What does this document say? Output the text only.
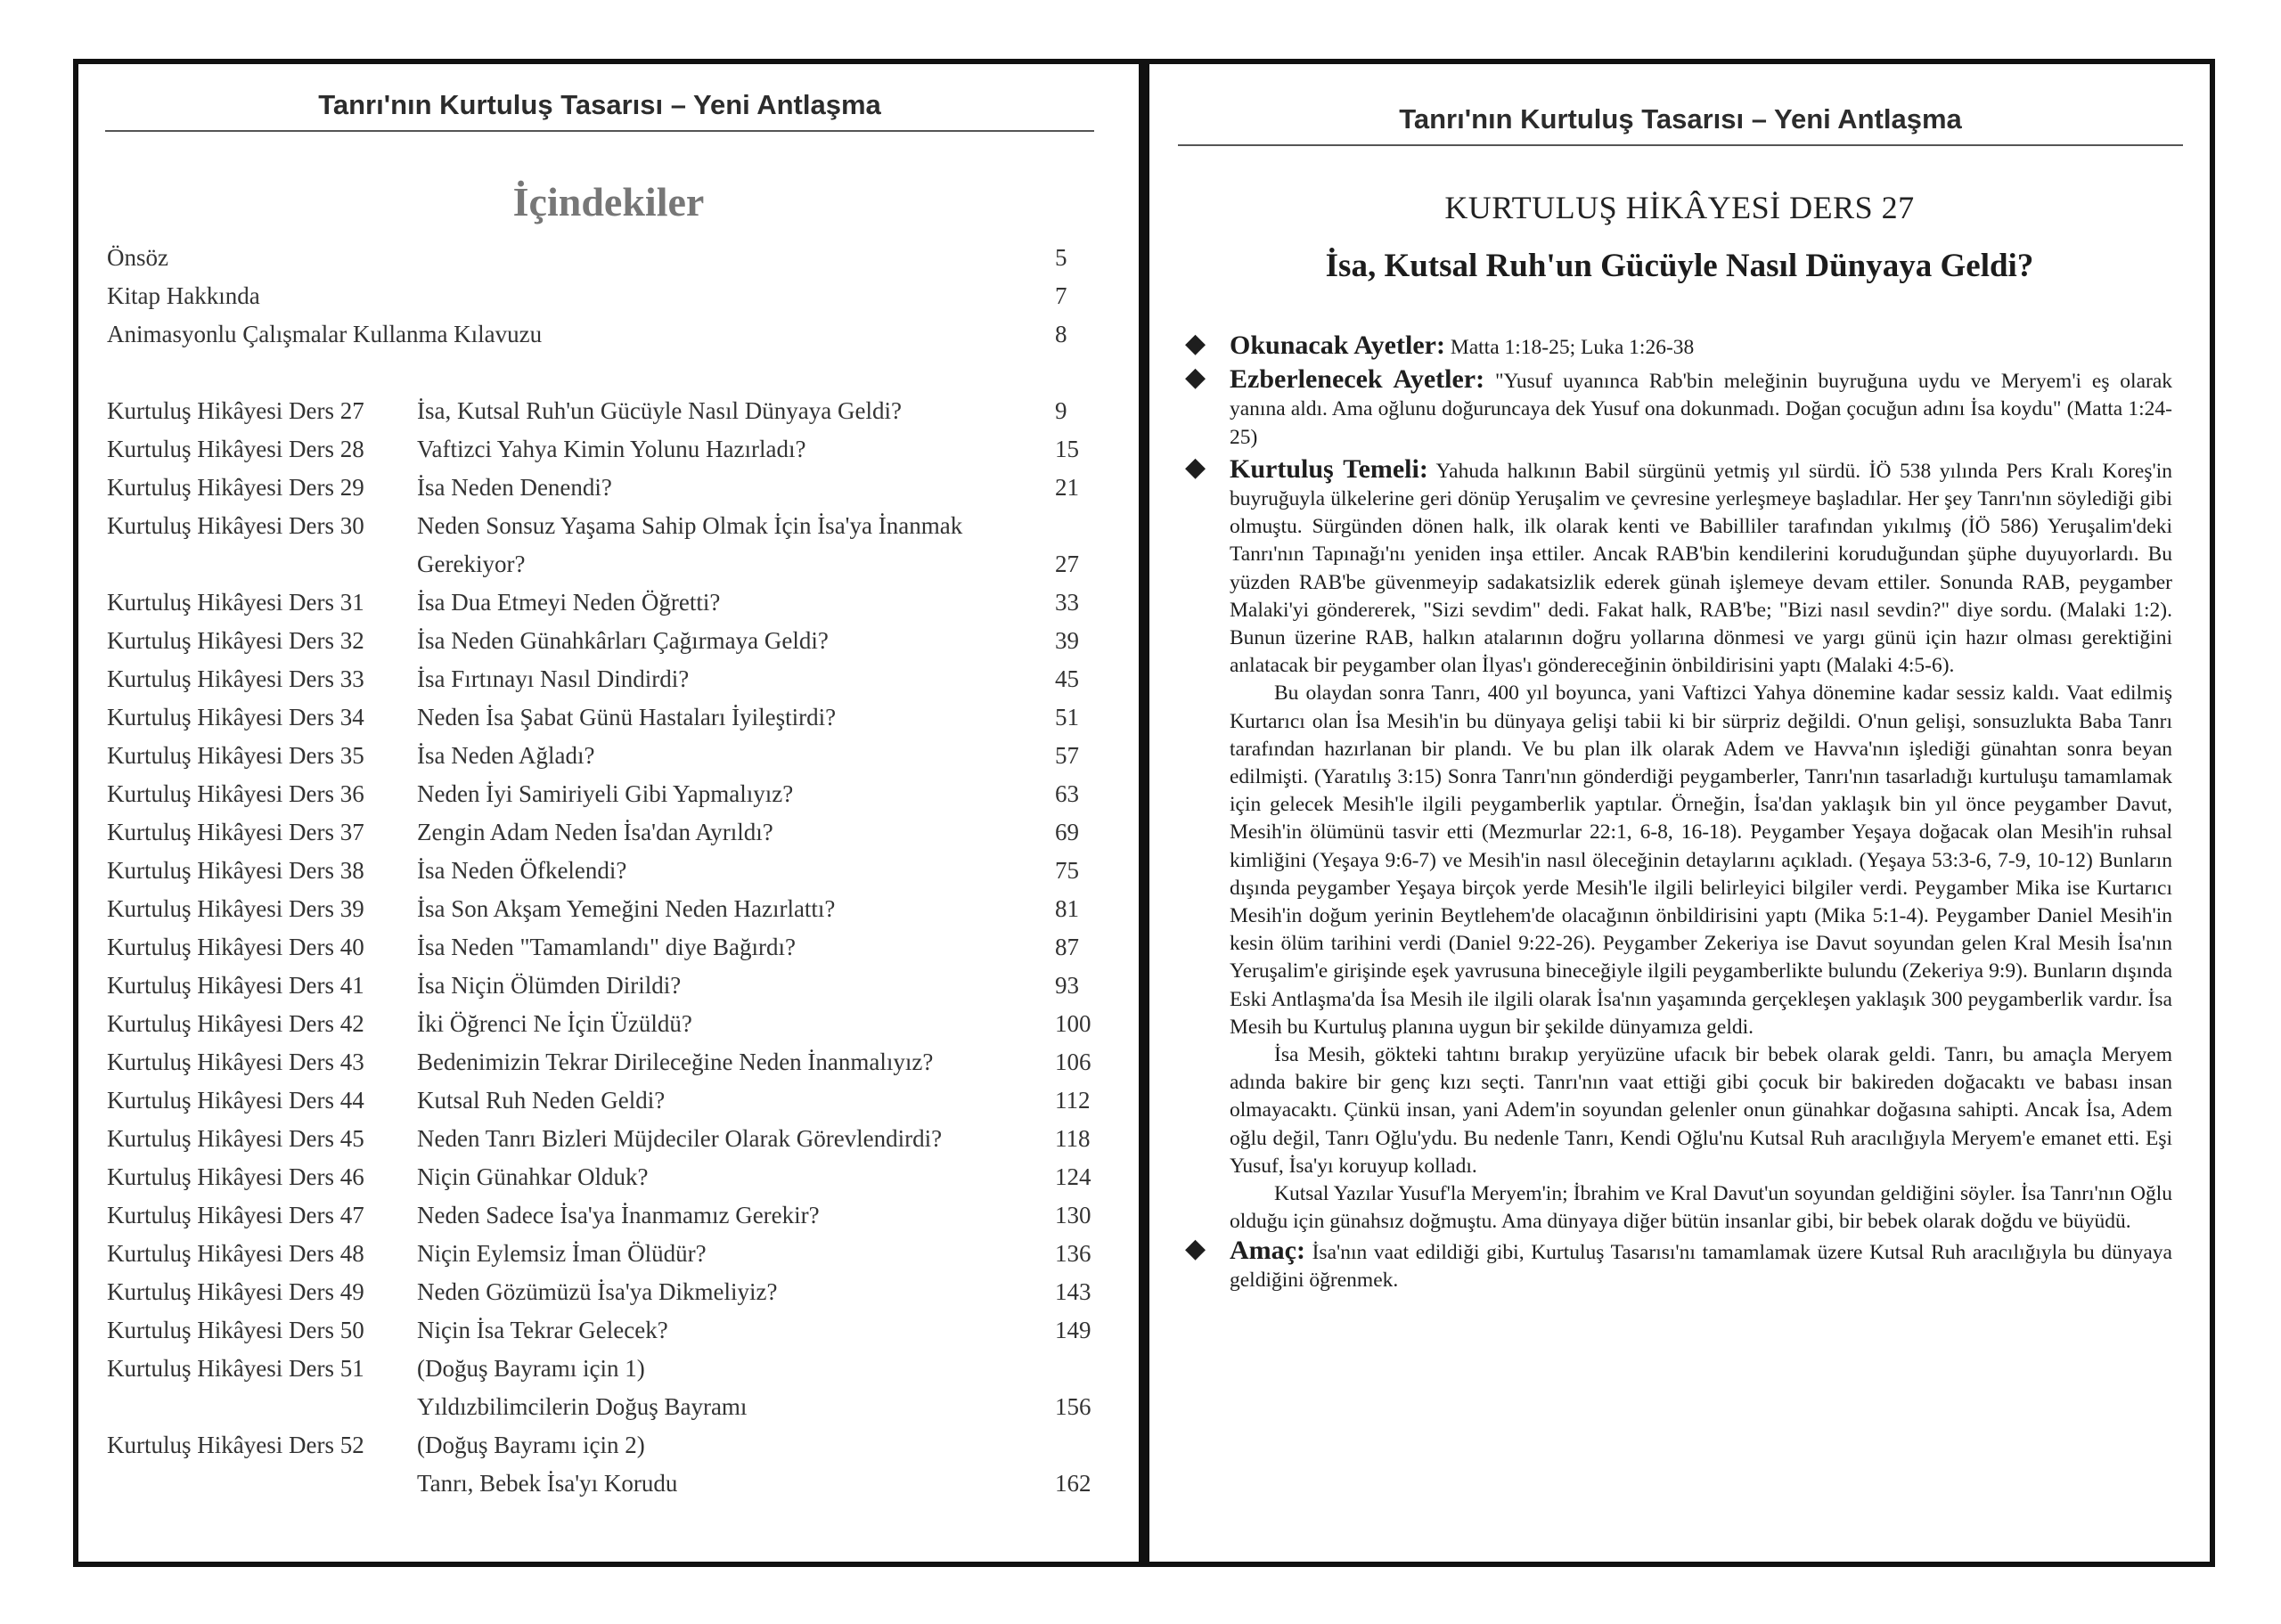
Tanrı'nın Kurtuluş Tasarısı – Yeni Antlaşma
İçindekiler
Önsöz	5
Kitap Hakkında	7
Animasyonlu Çalışmalar Kullanma Kılavuzu	8
Kurtuluş Hikâyesi Ders 27 İsa, Kutsal Ruh'un Gücüyle Nasıl Dünyaya Geldi?	9
Kurtuluş Hikâyesi Ders 28 Vaftizci Yahya Kimin Yolunu Hazırladı?	15
Kurtuluş Hikâyesi Ders 29 İsa Neden Denendi?	21
Kurtuluş Hikâyesi Ders 30 Neden Sonsuz Yaşama Sahip Olmak İçin İsa'ya İnanmak
Gerekiyor?	27
Kurtuluş Hikâyesi Ders 31 İsa Dua Etmeyi Neden Öğretti?	33
Kurtuluş Hikâyesi Ders 32 İsa Neden Günahkârları Çağırmaya Geldi?	39
Kurtuluş Hikâyesi Ders 33 İsa Fırtınayı Nasıl Dindirdi?	45
Kurtuluş Hikâyesi Ders 34 Neden İsa Şabat Günü Hastaları İyileştirdi?	51
Kurtuluş Hikâyesi Ders 35 İsa Neden Ağladı?	57
Kurtuluş Hikâyesi Ders 36 Neden İyi Samiriyeli Gibi Yapmalıyız?	63
Kurtuluş Hikâyesi Ders 37 Zengin Adam Neden İsa'dan Ayrıldı?	69
Kurtuluş Hikâyesi Ders 38 İsa Neden Öfkelendi?	75
Kurtuluş Hikâyesi Ders 39 İsa Son Akşam Yemeğini Neden Hazırlattı?	81
Kurtuluş Hikâyesi Ders 40 İsa Neden "Tamamlandı" diye Bağırdı?	87
Kurtuluş Hikâyesi Ders 41 İsa Niçin Ölümden Dirildi?	93
Kurtuluş Hikâyesi Ders 42 İki Öğrenci Ne İçin Üzüldü?	100
Kurtuluş Hikâyesi Ders 43 Bedenimizin Tekrar Dirileceğine Neden İnanmalıyız?	106
Kurtuluş Hikâyesi Ders 44 Kutsal Ruh Neden Geldi?	112
Kurtuluş Hikâyesi Ders 45 Neden Tanrı Bizleri Müjdeciler Olarak Görevlendirdi?	118
Kurtuluş Hikâyesi Ders 46 Niçin Günahkar Olduk?	124
Kurtuluş Hikâyesi Ders 47 Neden Sadece İsa'ya İnanmamız Gerekir?	130
Kurtuluş Hikâyesi Ders 48 Niçin Eylemsiz İman Ölüdür?	136
Kurtuluş Hikâyesi Ders 49 Neden Gözümüzü İsa'ya Dikmeliyiz?	143
Kurtuluş Hikâyesi Ders 50 Niçin İsa Tekrar Gelecek?	149
Kurtuluş Hikâyesi Ders 51 (Doğuş Bayramı için 1)
Yıldızbilimcilerin Doğuş Bayramı	156
Kurtuluş Hikâyesi Ders 52 (Doğuş Bayramı için 2)
Tanrı, Bebek İsa'yı Korudu	162
Tanrı'nın Kurtuluş Tasarısı – Yeni Antlaşma
KURTULUŞ HİKÂYESİ DERS 27
İsa, Kutsal Ruh'un Gücüyle Nasıl Dünyaya Geldi?
◆ Okunacak Ayetler: Matta 1:18-25; Luka 1:26-38
◆ Ezberlenecek Ayetler: "Yusuf uyanınca Rab'bin meleğinin buyruğuna uydu ve Meryem'i eş olarak yanına aldı. Ama oğlunu doğuruncaya dek Yusuf ona dokunmadı. Doğan çocuğun adını İsa koydu" (Matta 1:24-25)
◆ Kurtuluş Temeli: Yahuda halkının Babil sürgünü yetmiş yıl sürdü. İÖ 538 yılında Pers Kralı Koreş'in buyruğuyla ülkelerine geri dönüp Yeruşalim ve çevresine yerleşmeye başladılar. Her şey Tanrı'nın söylediği gibi olmuştu. Sürgünden dönen halk, ilk olarak kenti ve Babilliler tarafından yıkılmış (İÖ 586) Yeruşalim'deki Tanrı'nın Tapınağı'nı yeniden inşa ettiler. Ancak RAB'bin kendilerini koruduğundan şüphe duyuyorlardı. Bu yüzden RAB'be güvenmeyip sadakatsizlik ederek günah işlemeye devam ettiler. Sonunda RAB, peygamber Malaki'yi göndererek, "Sizi sevdim" dedi. Fakat halk, RAB'be; "Bizi nasıl sevdin?" diye sordu. (Malaki 1:2). Bunun üzerine RAB, halkın atalarının doğru yollarına dönmesi ve yargı günü için hazır olması gerektiğini anlatacak bir peygamber olan İlyas'ı göndereceğinin önbildirisini yaptı (Malaki 4:5-6).

Bu olaydan sonra Tanrı, 400 yıl boyunca, yani Vaftizci Yahya dönemine kadar sessiz kaldı. Vaat edilmiş Kurtarıcı olan İsa Mesih'in bu dünyaya gelişi tabii ki bir sürpriz değildi. O'nun gelişi, sonsuzlukta Baba Tanrı tarafından hazırlanan bir plandı. Ve bu plan ilk olarak Adem ve Havva'nın işlediği günahtan sonra beyan edilmişti. (Yaratılış 3:15) Sonra Tanrı'nın gönderdiği peygamberler, Tanrı'nın tasarladığı kurtuluşu tamamlamak için gelecek Mesih'le ilgili peygamberlik yaptılar. Örneğin, İsa'dan yaklaşık bin yıl önce peygamber Davut, Mesih'in ölümünü tasvir etti (Mezmurlar 22:1, 6-8, 16-18). Peygamber Yeşaya doğacak olan Mesih'in ruhsal kimliğini (Yeşaya 9:6-7) ve Mesih'in nasıl öleceğinin detaylarını açıkladı. (Yeşaya 53:3-6, 7-9, 10-12) Bunların dışında peygamber Yeşaya birçok yerde Mesih'le ilgili belirleyici bilgiler verdi. Peygamber Mika ise Kurtarıcı Mesih'in doğum yerinin Beytlehem'de olacağının önbildirisini yaptı (Mika 5:1-4). Peygamber Daniel Mesih'in kesin ölüm tarihini verdi (Daniel 9:22-26). Peygamber Zekeriya ise Davut soyundan gelen Kral Mesih İsa'nın Yeruşalim'e girişinde eşek yavrusuna bineceğiyle ilgili peygamberlikte bulundu (Zekeriya 9:9). Bunların dışında Eski Antlaşma'da İsa Mesih ile ilgili olarak İsa'nın yaşamında gerçekleşen yaklaşık 300 peygamberlik vardır. İsa Mesih bu Kurtuluş planına uygun bir şekilde dünyamıza geldi.

İsa Mesih, gökteki tahtını bırakıp yeryüzüne ufacık bir bebek olarak geldi. Tanrı, bu amaçla Meryem adında bakire bir genç kızı seçti. Tanrı'nın vaat ettiği gibi çocuk bir bakireden doğacaktı ve babası insan olmayacaktı. Çünkü insan, yani Adem'in soyundan gelenler onun günahkar doğasına sahipti. Ancak İsa, Adem oğlu değil, Tanrı Oğlu'ydu. Bu nedenle Tanrı, Kendi Oğlu'nu Kutsal Ruh aracılığıyla Meryem'e emanet etti. Eşi Yusuf, İsa'yı koruyup kolladı.

Kutsal Yazılar Yusuf'la Meryem'in; İbrahim ve Kral Davut'un soyundan geldiğini söyler. İsa Tanrı'nın Oğlu olduğu için günahsız doğmuştu. Ama dünyaya diğer bütün insanlar gibi, bir bebek olarak doğdu ve büyüdü.

◆ Amaç: İsa'nın vaat edildiği gibi, Kurtuluş Tasarısı'nı tamamlamak üzere Kutsal Ruh aracılığıyla bu dünyaya geldiğini öğrenmek.
